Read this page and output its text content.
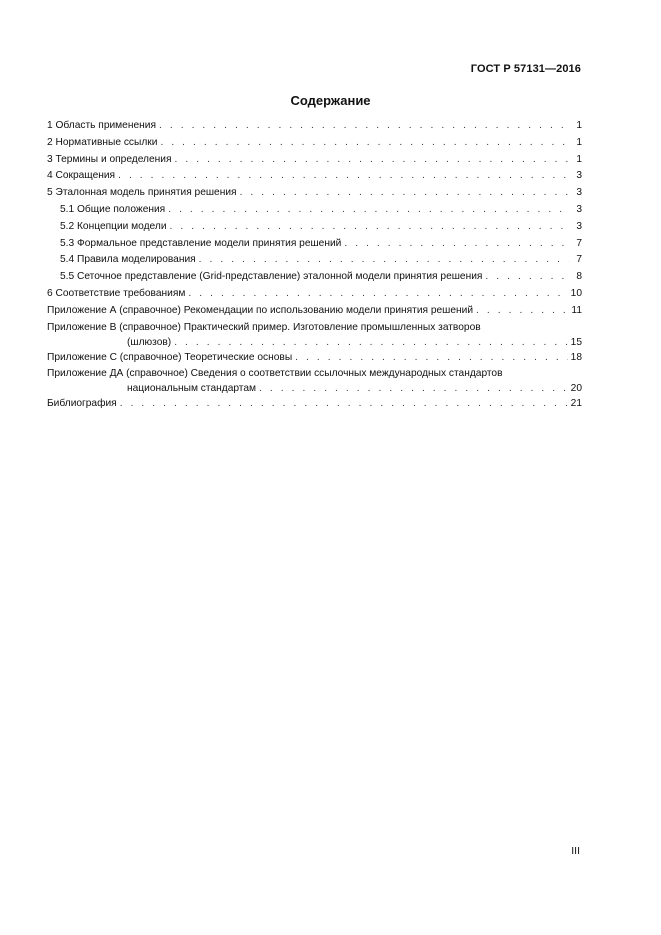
ГОСТ Р 57131—2016
Содержание
1 Область применения . . .	1
2 Нормативные ссылки . . .	1
3 Термины и определения . . .	1
4 Сокращения . . .	3
5 Эталонная модель принятия решения . . .	3
5.1 Общие положения . . .	3
5.2 Концепции модели . . .	3
5.3 Формальное представление модели принятия решений . . .	7
5.4 Правила моделирования . . .	7
5.5 Сеточное представление (Grid-представление) эталонной модели принятия решения . . .	8
6 Соответствие требованиям . . .	10
Приложение А (справочное) Рекомендации по использованию модели принятия решений . . .	11
Приложение В (справочное) Практический пример. Изготовление промышленных затворов
(шлюзов) . . .	15
Приложение С (справочное) Теоретические основы . . .	18
Приложение ДА (справочное) Сведения о соответствии ссылочных международных стандартов
национальным стандартам . . .	20
Библиография . . .	21
III
